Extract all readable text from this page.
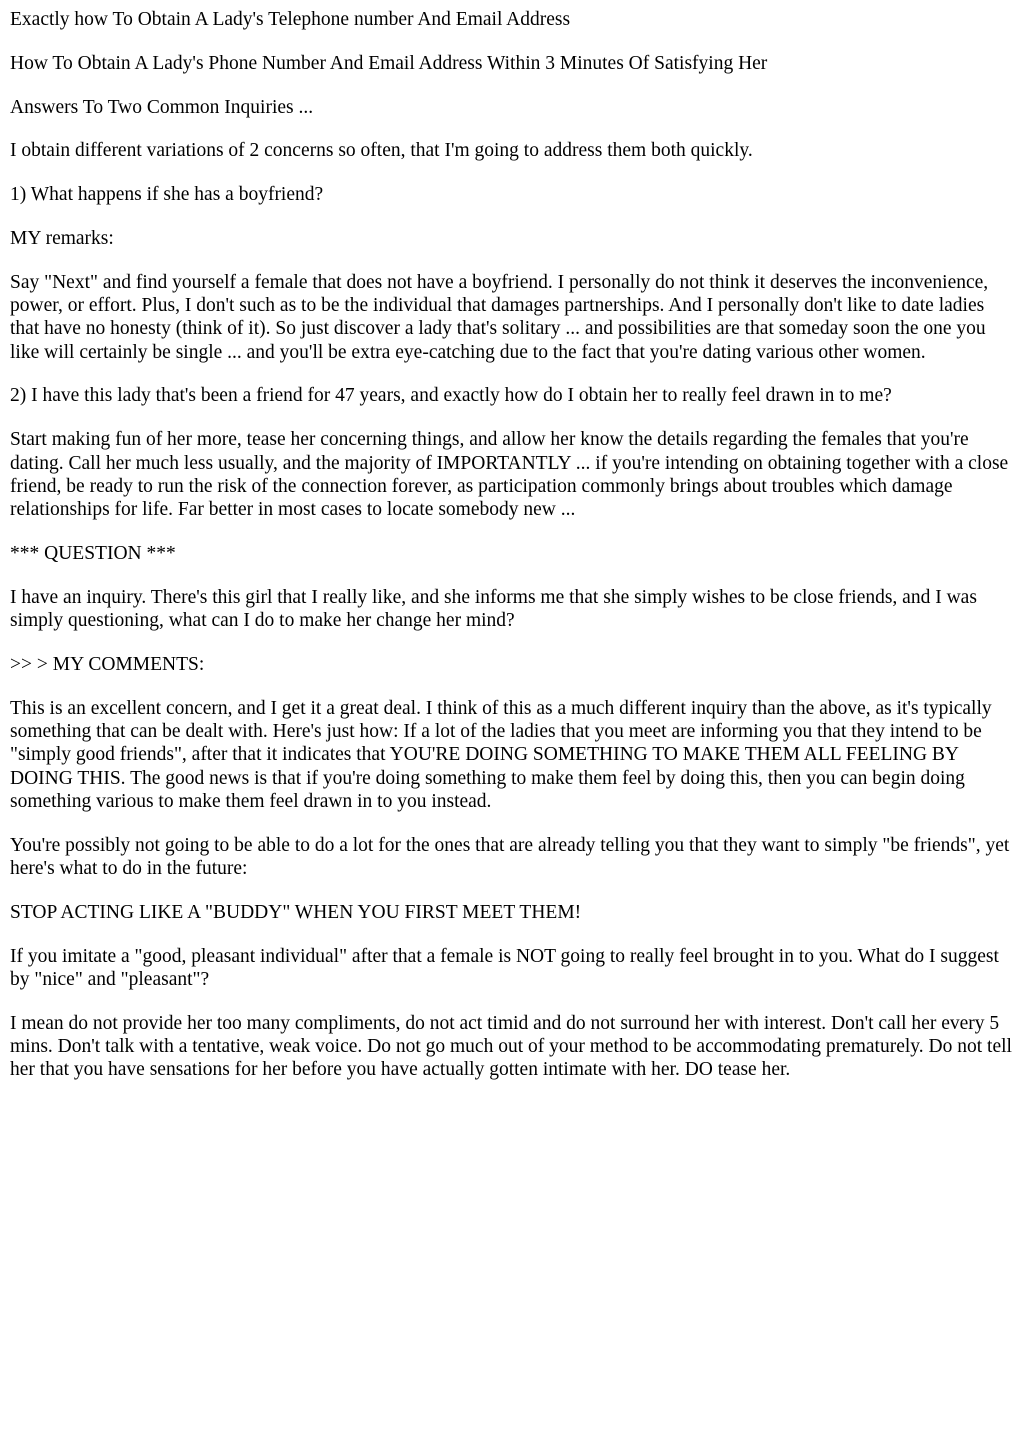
Exactly how To Obtain A Lady's Telephone number And Email Address

How To Obtain A Lady's Phone Number And Email Address Within 3 Minutes Of Satisfying Her

Answers To Two Common Inquiries ...

I obtain different variations of 2 concerns so often, that I'm going to address them both quickly.

1) What happens if she has a boyfriend?

MY remarks:

Say "Next" and find yourself a female that does not have a boyfriend. I personally do not think it deserves the inconvenience, power, or effort. Plus, I don't such as to be the individual that damages partnerships. And I personally don't like to date ladies that have no honesty (think of it). So just discover a lady that's solitary ... and possibilities are that someday soon the one you like will certainly be single ... and you'll be extra eye-catching due to the fact that you're dating various other women.

2) I have this lady that's been a friend for 47 years, and exactly how do I obtain her to really feel drawn in to me?

Start making fun of her more, tease her concerning things, and allow her know the details regarding the females that you're dating. Call her much less usually, and the majority of IMPORTANTLY ... if you're intending on obtaining together with a close friend, be ready to run the risk of the connection forever, as participation commonly brings about troubles which damage relationships for life. Far better in most cases to locate somebody new ...

*** QUESTION ***

I have an inquiry. There's this girl that I really like, and she informs me that she simply wishes to be close friends, and I was simply questioning, what can I do to make her change her mind?

>> > MY COMMENTS:

This is an excellent concern, and I get it a great deal. I think of this as a much different inquiry than the above, as it's typically something that can be dealt with. Here's just how: If a lot of the ladies that you meet are informing you that they intend to be "simply good friends", after that it indicates that YOU'RE DOING SOMETHING TO MAKE THEM ALL FEELING BY DOING THIS. The good news is that if you're doing something to make them feel by doing this, then you can begin doing something various to make them feel drawn in to you instead.

You're possibly not going to be able to do a lot for the ones that are already telling you that they want to simply "be friends", yet here's what to do in the future:

STOP ACTING LIKE A "BUDDY" WHEN YOU FIRST MEET THEM!

If you imitate a "good, pleasant individual" after that a female is NOT going to really feel brought in to you. What do I suggest by "nice" and "pleasant"?

I mean do not provide her too many compliments, do not act timid and do not surround her with interest. Don't call her every 5 mins. Don't talk with a tentative, weak voice. Do not go much out of your method to be accommodating prematurely. Do not tell her that you have sensations for her before you have actually gotten intimate with her. DO tease her.
